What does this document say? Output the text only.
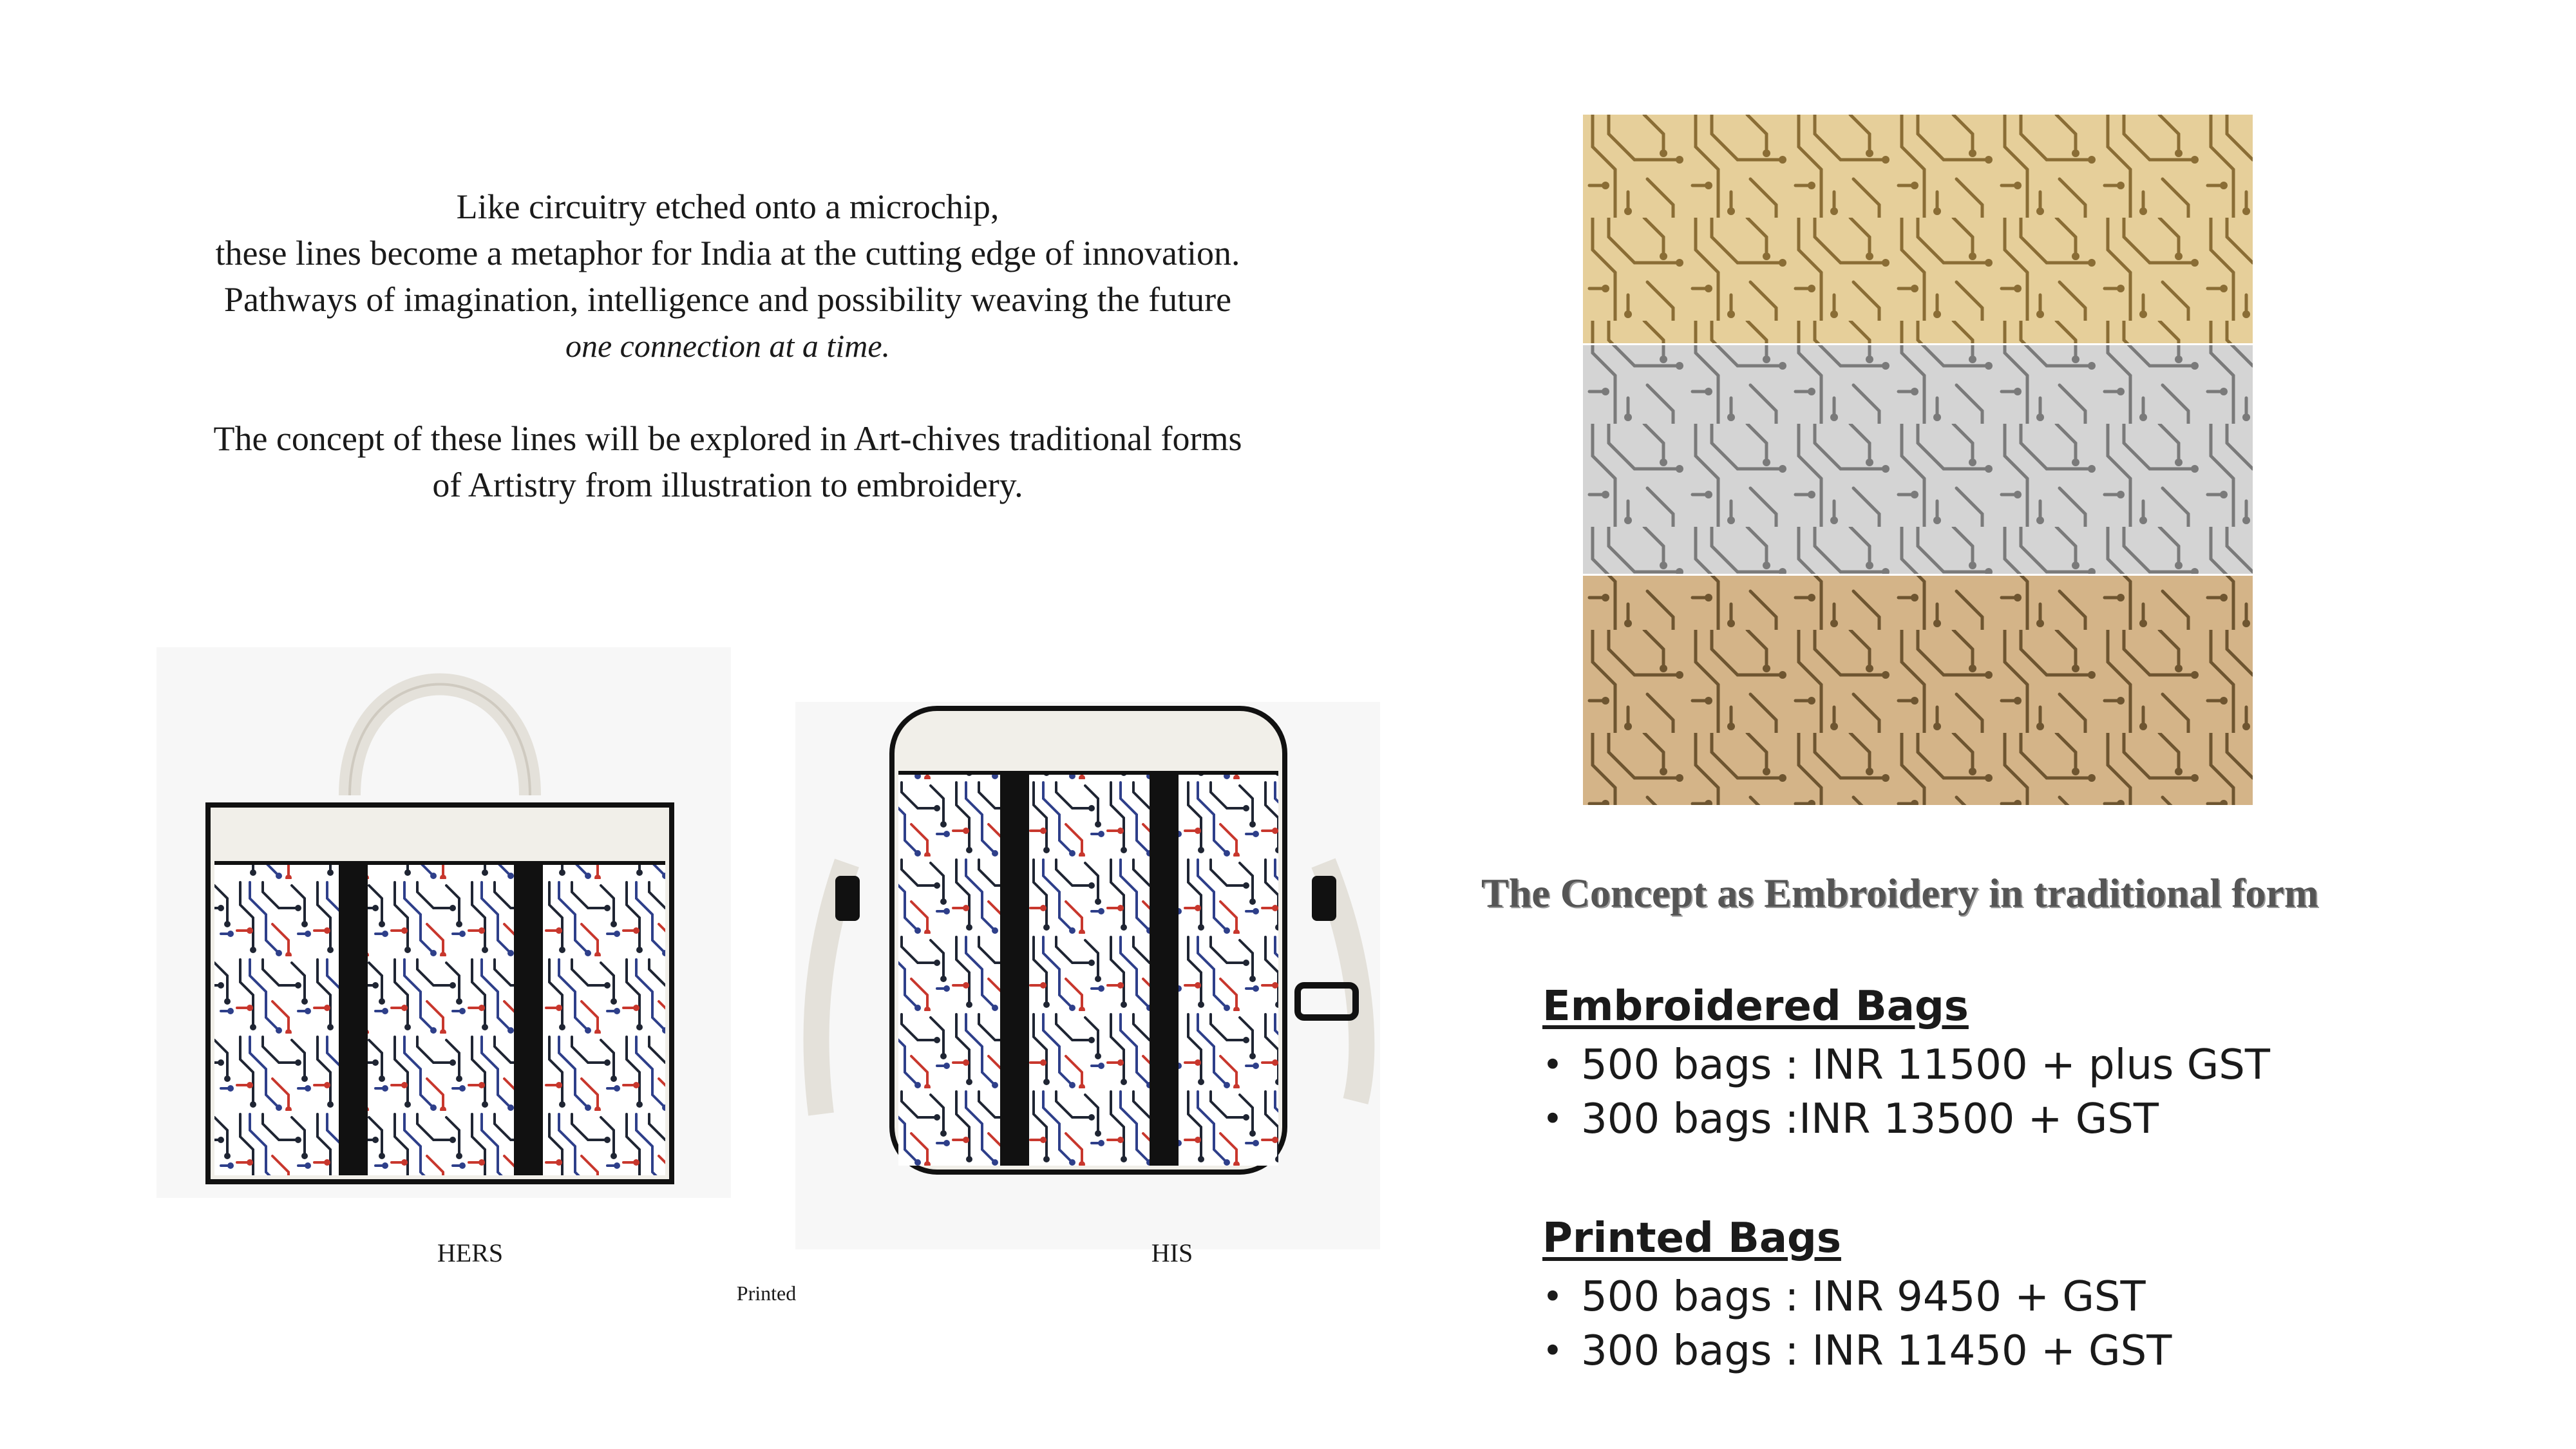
Like circuitry etched onto a microchip,

these lines become a metaphor for India at the cutting edge of innovation.

Pathways of imagination, intelligence and possibility weaving the future

one connection at a time.

The concept of these lines will be explored in Art-chives traditional forms

of Artistry from illustration to embroidery.

HERS	HIS
Printed
The Concept as Embroidery in traditional form
Embroidered Bags
• 500 bags : INR 11500 + plus GST
• 300 bags :INR 13500 + GST
Printed Bags
• 500 bags : INR 9450 + GST
• 300 bags : INR 11450 + GST
